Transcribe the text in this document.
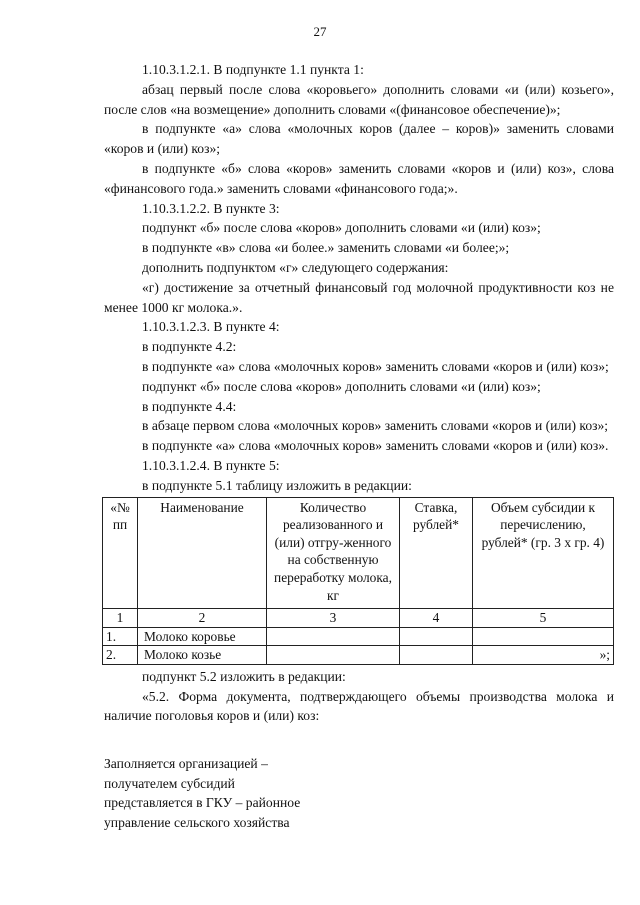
27

1.10.3.1.2.1. В подпункте 1.1 пункта 1:

абзац первый после слова «коровьего» дополнить словами «и (или) козьего», после слов «на возмещение» дополнить словами «(финансовое обеспечение)»;

в подпункте «а» слова «молочных коров (далее – коров)» заменить словами «коров и (или) коз»;

в подпункте «б» слова «коров» заменить словами «коров и (или) коз», слова «финансового года.» заменить словами «финансового года;».

1.10.3.1.2.2. В пункте 3:

подпункт «б» после слова «коров» дополнить словами «и (или) коз»;

в подпункте «в» слова «и более.» заменить словами «и более;»;

дополнить подпунктом «г» следующего содержания:

«г) достижение за отчетный финансовый год молочной продуктивности коз не менее 1000 кг молока.».

1.10.3.1.2.3. В пункте 4:

в подпункте 4.2:

в подпункте «а» слова «молочных коров» заменить словами «коров и (или) коз»;

подпункт «б» после слова «коров» дополнить словами «и (или) коз»;

в подпункте 4.4:

в абзаце первом слова «молочных коров» заменить словами «коров и (или) коз»;

в подпункте «а» слова «молочных коров» заменить словами «коров и (или) коз».

1.10.3.1.2.4. В пункте 5:

в подпункте 5.1 таблицу изложить в редакции:

«№ пп	Наименование	Количество реализованного и (или) отгру-женного на собственную переработку молока, кг	Ставка, рублей*	Объем субсидии к перечислению, рублей* (гр. 3 х гр. 4)
1	2	3	4	5
1.	Молоко коровье			
2.	Молоко козье			»;

подпункт 5.2 изложить в редакции:

«5.2. Форма документа, подтверждающего объемы производства молока и наличие поголовья коров и (или) коз:

Заполняется организацией –
получателем субсидий
представляется в ГКУ – районное
управление сельского хозяйства
